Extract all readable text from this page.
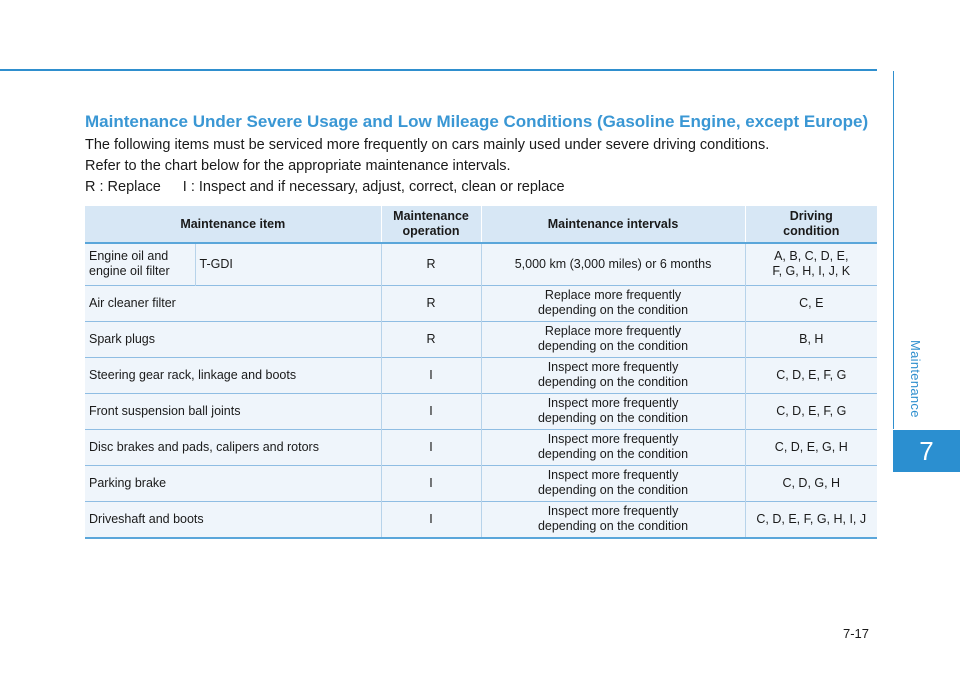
Maintenance
7
Maintenance Under Severe Usage and Low Mileage Conditions (Gasoline Engine, except Europe)
The following items must be serviced more frequently on cars mainly used under severe driving conditions.
Refer to the chart below for the appropriate maintenance intervals.
R : Replace I : Inspect and if necessary, adjust, correct, clean or replace
Maintenance item		Maintenance
operation	Maintenance intervals	Driving
condition
Engine oil and
engine oil filter	T-GDI	R	5,000 km (3,000 miles) or 6 months	A, B, C, D, E,
F, G, H, I, J, K
Air cleaner filter		R	Replace more frequently
depending on the condition	C, E
Spark plugs		R	Replace more frequently
depending on the condition	B, H
Steering gear rack, linkage and boots		I	Inspect more frequently
depending on the condition	C, D, E, F, G
Front suspension ball joints		I	Inspect more frequently
depending on the condition	C, D, E, F, G
Disc brakes and pads, calipers and rotors		I	Inspect more frequently
depending on the condition	C, D, E, G, H
Parking brake		I	Inspect more frequently
depending on the condition	C, D, G, H
Driveshaft and boots		I	Inspect more frequently
depending on the condition	C, D, E, F, G, H, I, J
7-17
